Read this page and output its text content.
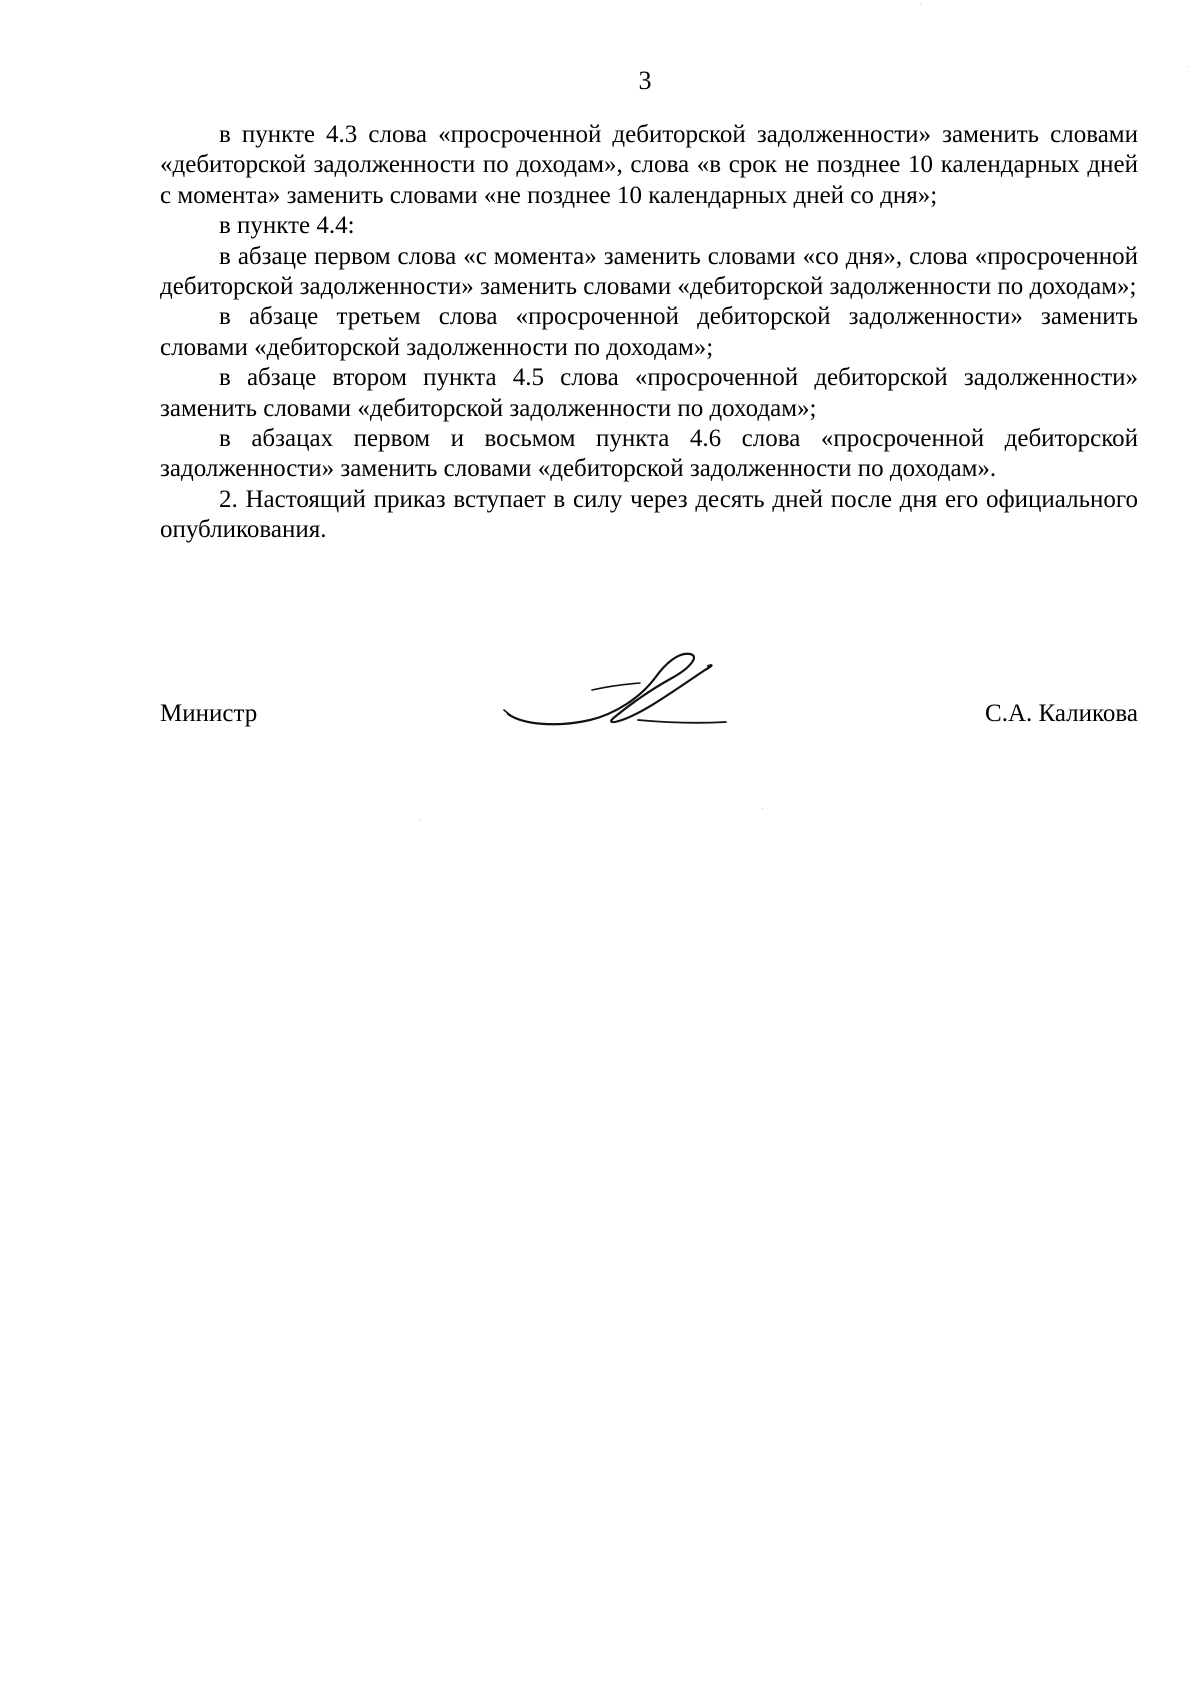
3

в пункте 4.3 слова «просроченной дебиторской задолженности» заменить словами «дебиторской задолженности по доходам», слова «в срок не позднее 10 календарных дней с момента» заменить словами «не позднее 10 календарных дней со дня»;

в пункте 4.4:

в абзаце первом слова «с момента» заменить словами «со дня», слова «просроченной дебиторской задолженности» заменить словами «дебиторской задолженности по доходам»;

в абзаце третьем слова «просроченной дебиторской задолженности» заменить словами «дебиторской задолженности по доходам»;

в абзаце втором пункта 4.5 слова «просроченной дебиторской задолженности» заменить словами «дебиторской задолженности по доходам»;

в абзацах первом и восьмом пункта 4.6 слова «просроченной дебиторской задолженности» заменить словами «дебиторской задолженности по доходам».

2. Настоящий приказ вступает в силу через десять дней после дня его официального опубликования.

Министр	С.А. Каликова
